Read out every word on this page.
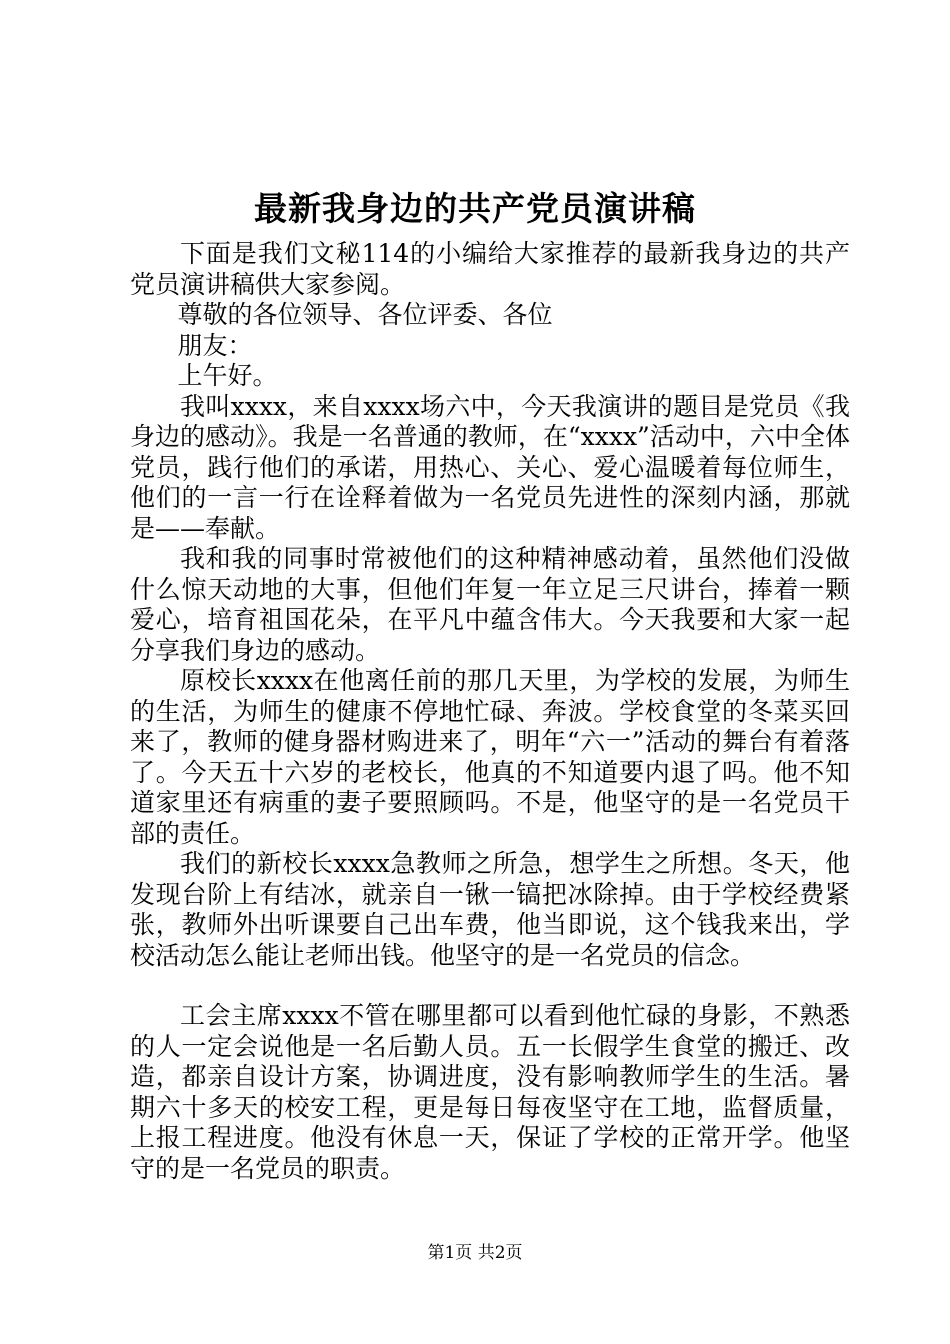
最新我身边的共产党员演讲稿

下面是我们文秘114的小编给大家推荐的最新我身边的共产党员演讲稿供大家参阅。

尊敬的各位领导、各位评委、各位

朋友：

上午好。

我叫xxxx，来自xxxx场六中，今天我演讲的题目是党员《我身边的感动》。我是一名普通的教师，在“xxxx”活动中，六中全体党员，践行他们的承诺，用热心、关心、爱心温暖着每位师生，他们的一言一行在诠释着做为一名党员先进性的深刻内涵，那就是——奉献。

我和我的同事时常被他们的这种精神感动着，虽然他们没做什么惊天动地的大事，但他们年复一年立足三尺讲台，捧着一颗爱心，培育祖国花朵，在平凡中蕴含伟大。今天我要和大家一起分享我们身边的感动。

原校长xxxx在他离任前的那几天里，为学校的发展，为师生的生活，为师生的健康不停地忙碌、奔波。学校食堂的冬菜买回来了，教师的健身器材购进来了，明年“六一”活动的舞台有着落了。今天五十六岁的老校长，他真的不知道要内退了吗。他不知道家里还有病重的妻子要照顾吗。不是，他坚守的是一名党员干部的责任。

我们的新校长xxxx急教师之所急，想学生之所想。冬天，他发现台阶上有结冰，就亲自一锹一镐把冰除掉。由于学校经费紧张，教师外出听课要自己出车费，他当即说，这个钱我来出，学校活动怎么能让老师出钱。他坚守的是一名党员的信念。

工会主席xxxx不管在哪里都可以看到他忙碌的身影，不熟悉的人一定会说他是一名后勤人员。五一长假学生食堂的搬迁、改造，都亲自设计方案，协调进度，没有影响教师学生的生活。暑期六十多天的校安工程，更是每日每夜坚守在工地，监督质量，上报工程进度。他没有休息一天，保证了学校的正常开学。他坚守的是一名党员的职责。

第1页 共2页
